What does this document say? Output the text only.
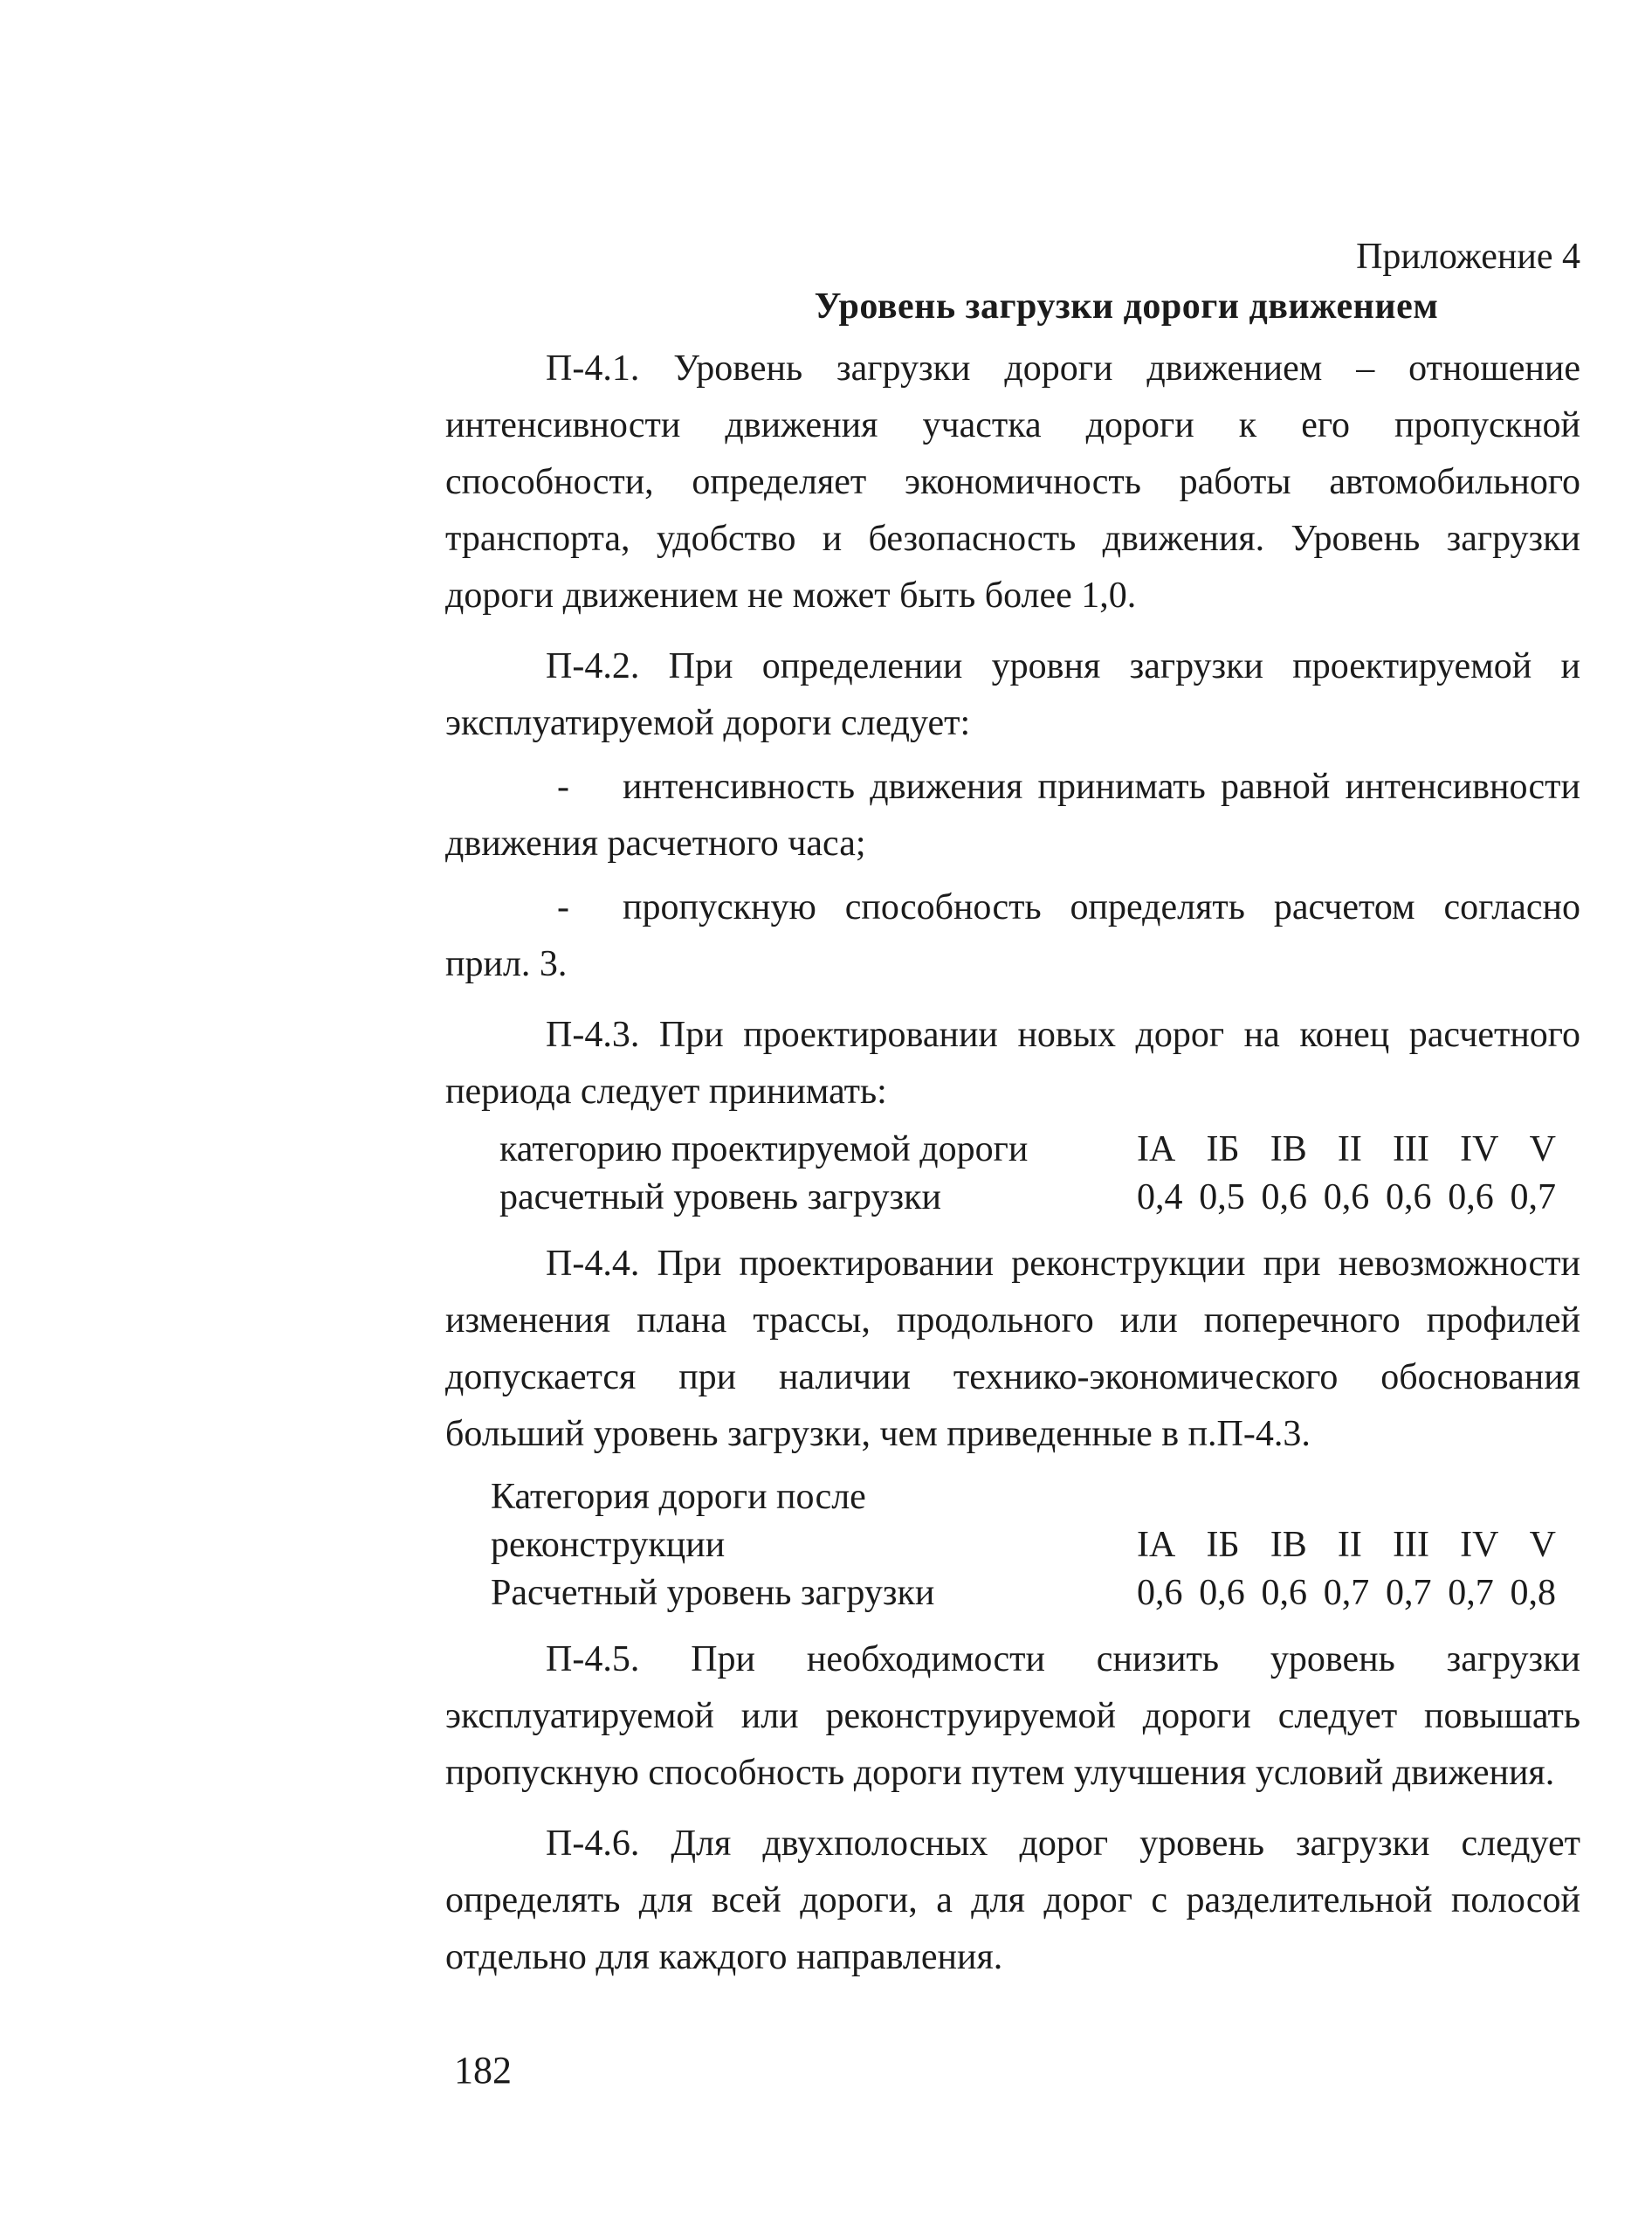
Приложение 4
Уровень загрузки дороги движением

П-4.1. Уровень загрузки дороги движением – отношение интенсивности движения участка дороги к его пропускной способности, определяет экономичность работы автомобильного транспорта, удобство и безопасность движения. Уровень загрузки дороги движением не может быть более 1,0.

П-4.2. При определении уровня загрузки проектируемой и эксплуатируемой дороги следует:

- интенсивность движения принимать равной интенсивности движения расчетного часа;

- пропускную способность определять расчетом согласно прил. 3.

П-4.3. При проектировании новых дорог на конец расчетного периода следует принимать:

категорию проектируемой дороги	IA IБ IB II III IV V
расчетный уровень загрузки	0,4 0,5 0,6 0,6 0,6 0,6 0,7

П-4.4. При проектировании реконструкции при невозможности изменения плана трассы, продольного или поперечного профилей допускается при наличии технико-экономического обоснования больший уровень загрузки, чем приведенные в п.П-4.3.

Категория дороги после
реконструкции	IA IБ IB II III IV V
Расчетный уровень загрузки	0,6 0,6 0,6 0,7 0,7 0,7 0,8

П-4.5. При необходимости снизить уровень загрузки эксплуатируемой или реконструируемой дороги следует повышать пропускную способность дороги путем улучшения условий движения.

П-4.6. Для двухполосных дорог уровень загрузки следует определять для всей дороги, а для дорог с разделительной полосой отдельно для каждого направления.

182
